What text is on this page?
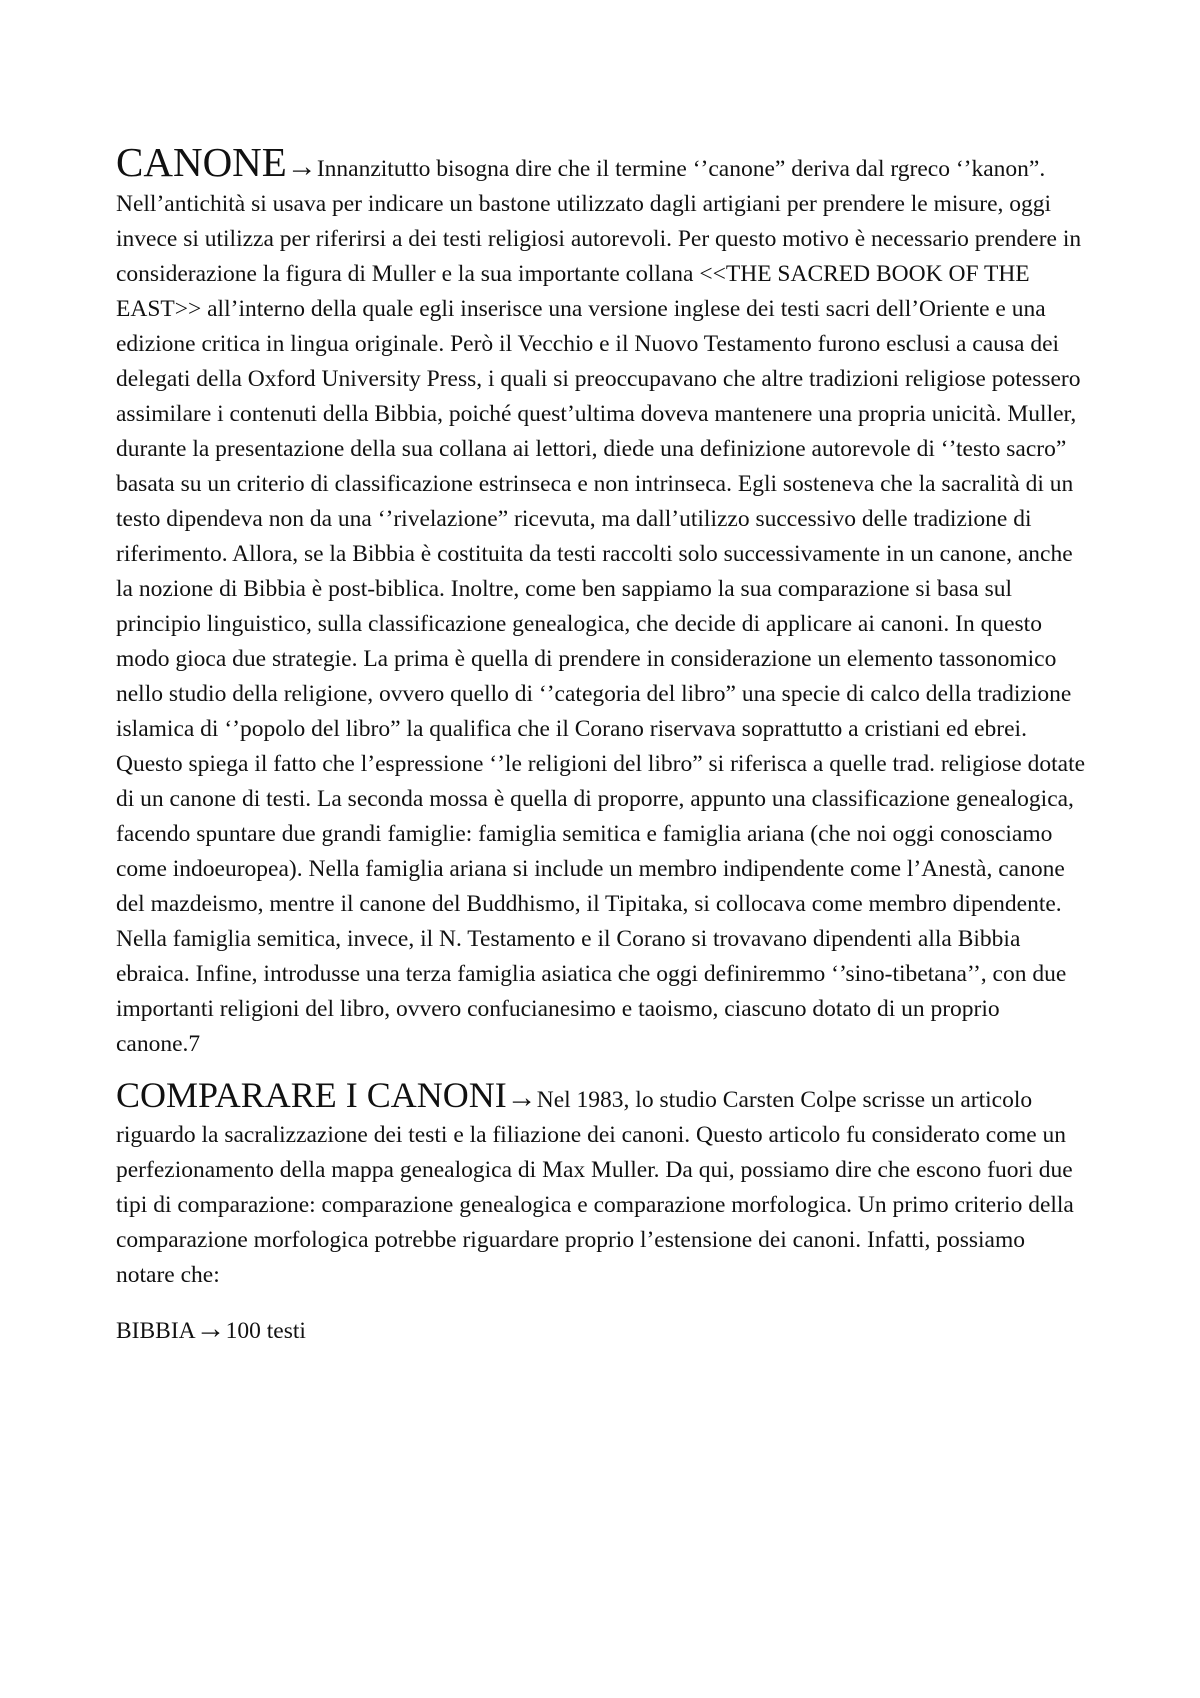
CANONE→Innanzitutto bisogna dire che il termine ‘’canone” deriva dal rgreco ‘’kanon”. Nell’antichità si usava per indicare un bastone utilizzato dagli artigiani per prendere le misure, oggi invece si utilizza per riferirsi a dei testi religiosi autorevoli. Per questo motivo è necessario prendere in considerazione la figura di Muller e la sua importante collana <<THE SACRED BOOK OF THE EAST>> all’interno della quale egli inserisce una versione inglese dei testi sacri dell’Oriente e una edizione critica in lingua originale. Però il Vecchio e il Nuovo Testamento furono esclusi a causa dei delegati della Oxford University Press, i quali si preoccupavano che altre tradizioni religiose potessero assimilare i contenuti della Bibbia, poiché quest’ultima doveva mantenere una propria unicità. Muller, durante la presentazione della sua collana ai lettori, diede una definizione autorevole di ‘’testo sacro” basata su un criterio di classificazione estrinseca e non intrinseca. Egli sosteneva che la sacralità di un testo dipendeva non da una ‘’rivelazione” ricevuta, ma dall’utilizzo successivo delle tradizione di riferimento. Allora, se la Bibbia è costituita da testi raccolti solo successivamente in un canone, anche la nozione di Bibbia è post-biblica. Inoltre, come ben sappiamo la sua comparazione si basa sul principio linguistico, sulla classificazione genealogica, che decide di applicare ai canoni. In questo modo gioca due strategie. La prima è quella di prendere in considerazione un elemento tassonomico nello studio della religione, ovvero quello di ‘’categoria del libro” una specie di calco della tradizione islamica di ‘’popolo del libro” la qualifica che il Corano riservava soprattutto a cristiani ed ebrei. Questo spiega il fatto che l’espressione ‘’le religioni del libro” si riferisca a quelle trad. religiose dotate di un canone di testi. La seconda mossa è quella di proporre, appunto una classificazione genealogica, facendo spuntare due grandi famiglie: famiglia semitica e famiglia ariana (che noi oggi conosciamo come indoeuropea). Nella famiglia ariana si include un membro indipendente come l’Anestà, canone del mazdeismo, mentre il canone del Buddhismo, il Tipitaka, si collocava come membro dipendente. Nella famiglia semitica, invece, il N. Testamento e il Corano si trovavano dipendenti alla Bibbia ebraica. Infine, introdusse una terza famiglia asiatica che oggi definiremmo ‘’sino-tibetana’’, con due importanti religioni del libro, ovvero confucianesimo e taoismo, ciascuno dotato di un proprio canone.7

COMPARARE I CANONI→Nel 1983, lo studio Carsten Colpe scrisse un articolo riguardo la sacralizzazione dei testi e la filiazione dei canoni. Questo articolo fu considerato come un perfezionamento della mappa genealogica di Max Muller. Da qui, possiamo dire che escono fuori due tipi di comparazione: comparazione genealogica e comparazione morfologica. Un primo criterio della comparazione morfologica potrebbe riguardare proprio l’estensione dei canoni. Infatti, possiamo notare che:

BIBBIA→100 testi
